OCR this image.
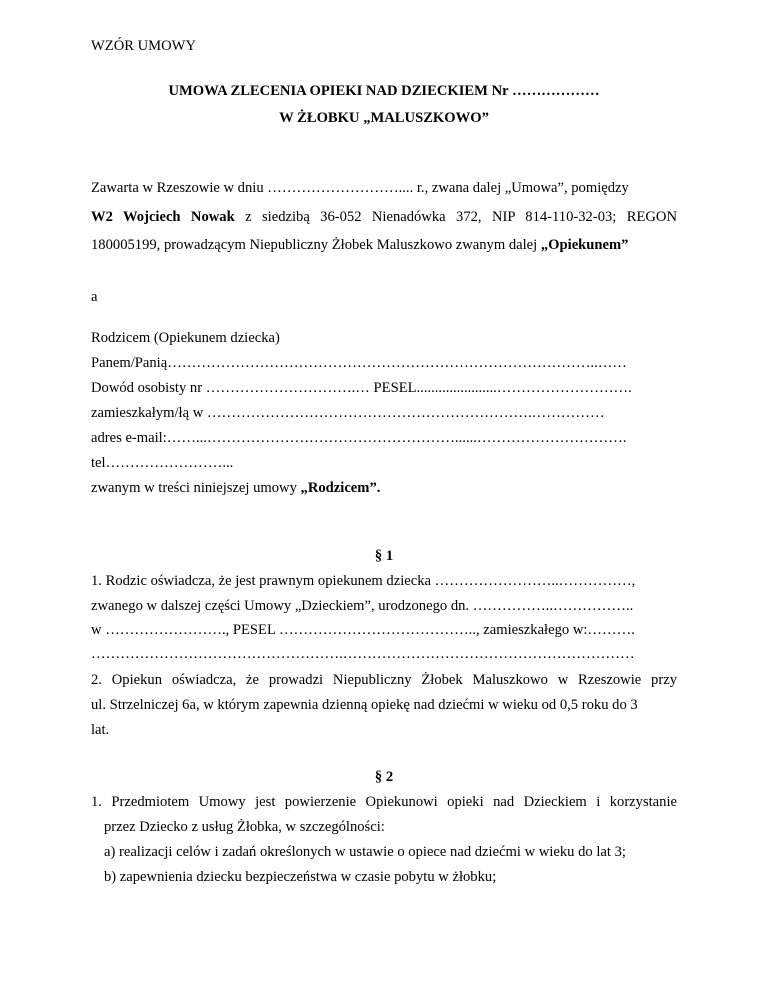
WZÓR UMOWY
UMOWA ZLECENIA OPIEKI NAD DZIECKIEM Nr ………………
W ŻŁOBKU „MALUSZKOWO”
Zawarta w Rzeszowie w dniu ……………………….... r., zwana dalej „Umowa”, pomiędzy
W2 Wojciech Nowak z siedzibą 36-052 Nienadówka 372, NIP 814-110-32-03; REGON
180005199, prowadzącym Niepubliczny Żłobek Maluszkowo zwanym dalej „Opiekunem”
a
Rodzicem (Opiekunem dziecka)
Panem/Panią……………………………………………………………………………..……
Dowód osobisty nr ………………………….… PESEL......................……………………….
zamieszkałym/łą w ………………………………………………………….……………
adres e-mail:……...……………………………………………......………………………….
tel……………………...
zwanym w treści niniejszej umowy „Rodzicem”.
§ 1
1. Rodzic oświadcza, że jest prawnym opiekunem dziecka ……………………..……………,
zwanego w dalszej części Umowy „Dzieckiem”, urodzonego dn. ……………..……………..
w ……………………., PESEL ………………………………….., zamieszkałego w:……….
…………………………………………….……………………………………………………
2. Opiekun oświadcza, że prowadzi Niepubliczny Żłobek Maluszkowo w Rzeszowie przy
ul. Strzelniczej 6a, w którym zapewnia dzienną opiekę nad dziećmi w wieku od 0,5 roku do 3
lat.
§ 2
1. Przedmiotem Umowy jest powierzenie Opiekunowi opieki nad Dzieckiem i korzystanie
przez Dziecko z usług Żłobka, w szczególności:
a) realizacji celów i zadań określonych w ustawie o opiece nad dziećmi w wieku do lat 3;
b) zapewnienia dziecku bezpieczeństwa w czasie pobytu w żłobku;
